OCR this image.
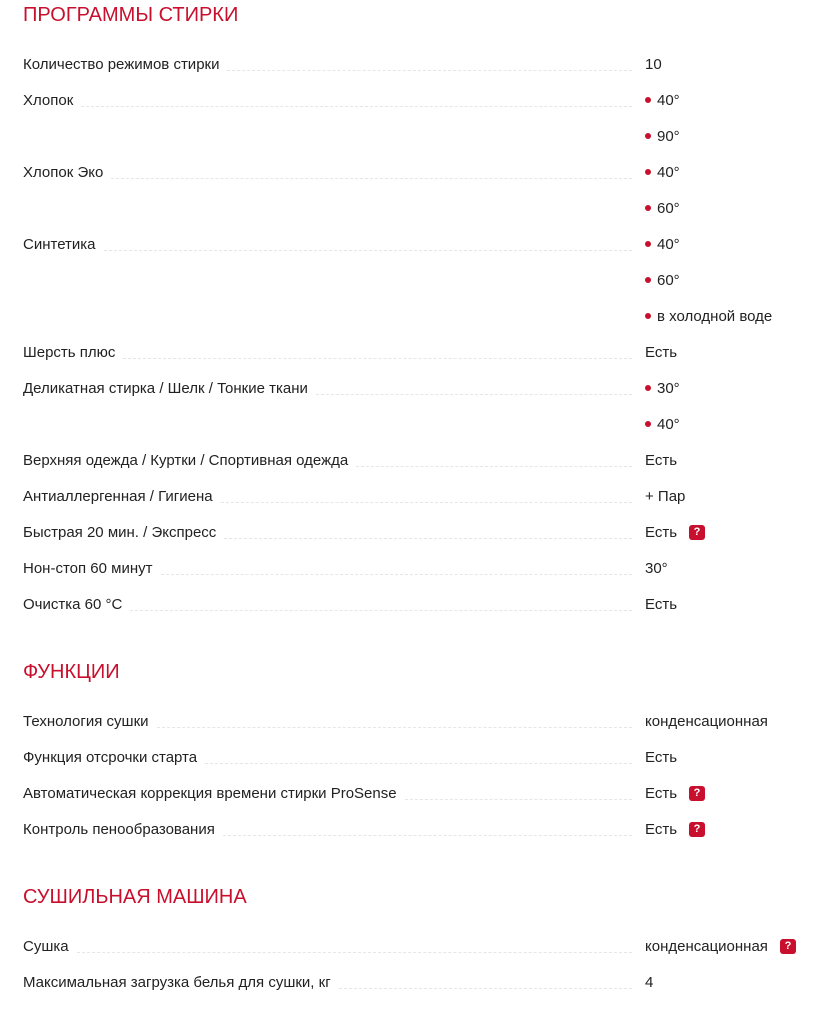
ПРОГРАММЫ СТИРКИ
Количество режимов стирки	10
Хлопок	40°
90°
Хлопок Эко	40°
60°
Синтетика	40°
60°
в холодной воде
Шерсть плюс	Есть
Деликатная стирка / Шелк / Тонкие ткани	30°
40°
Верхняя одежда / Куртки / Спортивная одежда	Есть
Антиаллергенная / Гигиена	+ Пар
Быстрая 20 мин. / Экспресс	Есть	?
Нон-стоп 60 минут	30°
Очистка 60 °C	Есть
ФУНКЦИИ
Технология сушки	конденсационная
Функция отсрочки старта	Есть
Автоматическая коррекция времени стирки ProSense	Есть	?
Контроль пенообразования	Есть	?
СУШИЛЬНАЯ МАШИНА
Сушка	конденсационная	?
Максимальная загрузка белья для сушки, кг	4
